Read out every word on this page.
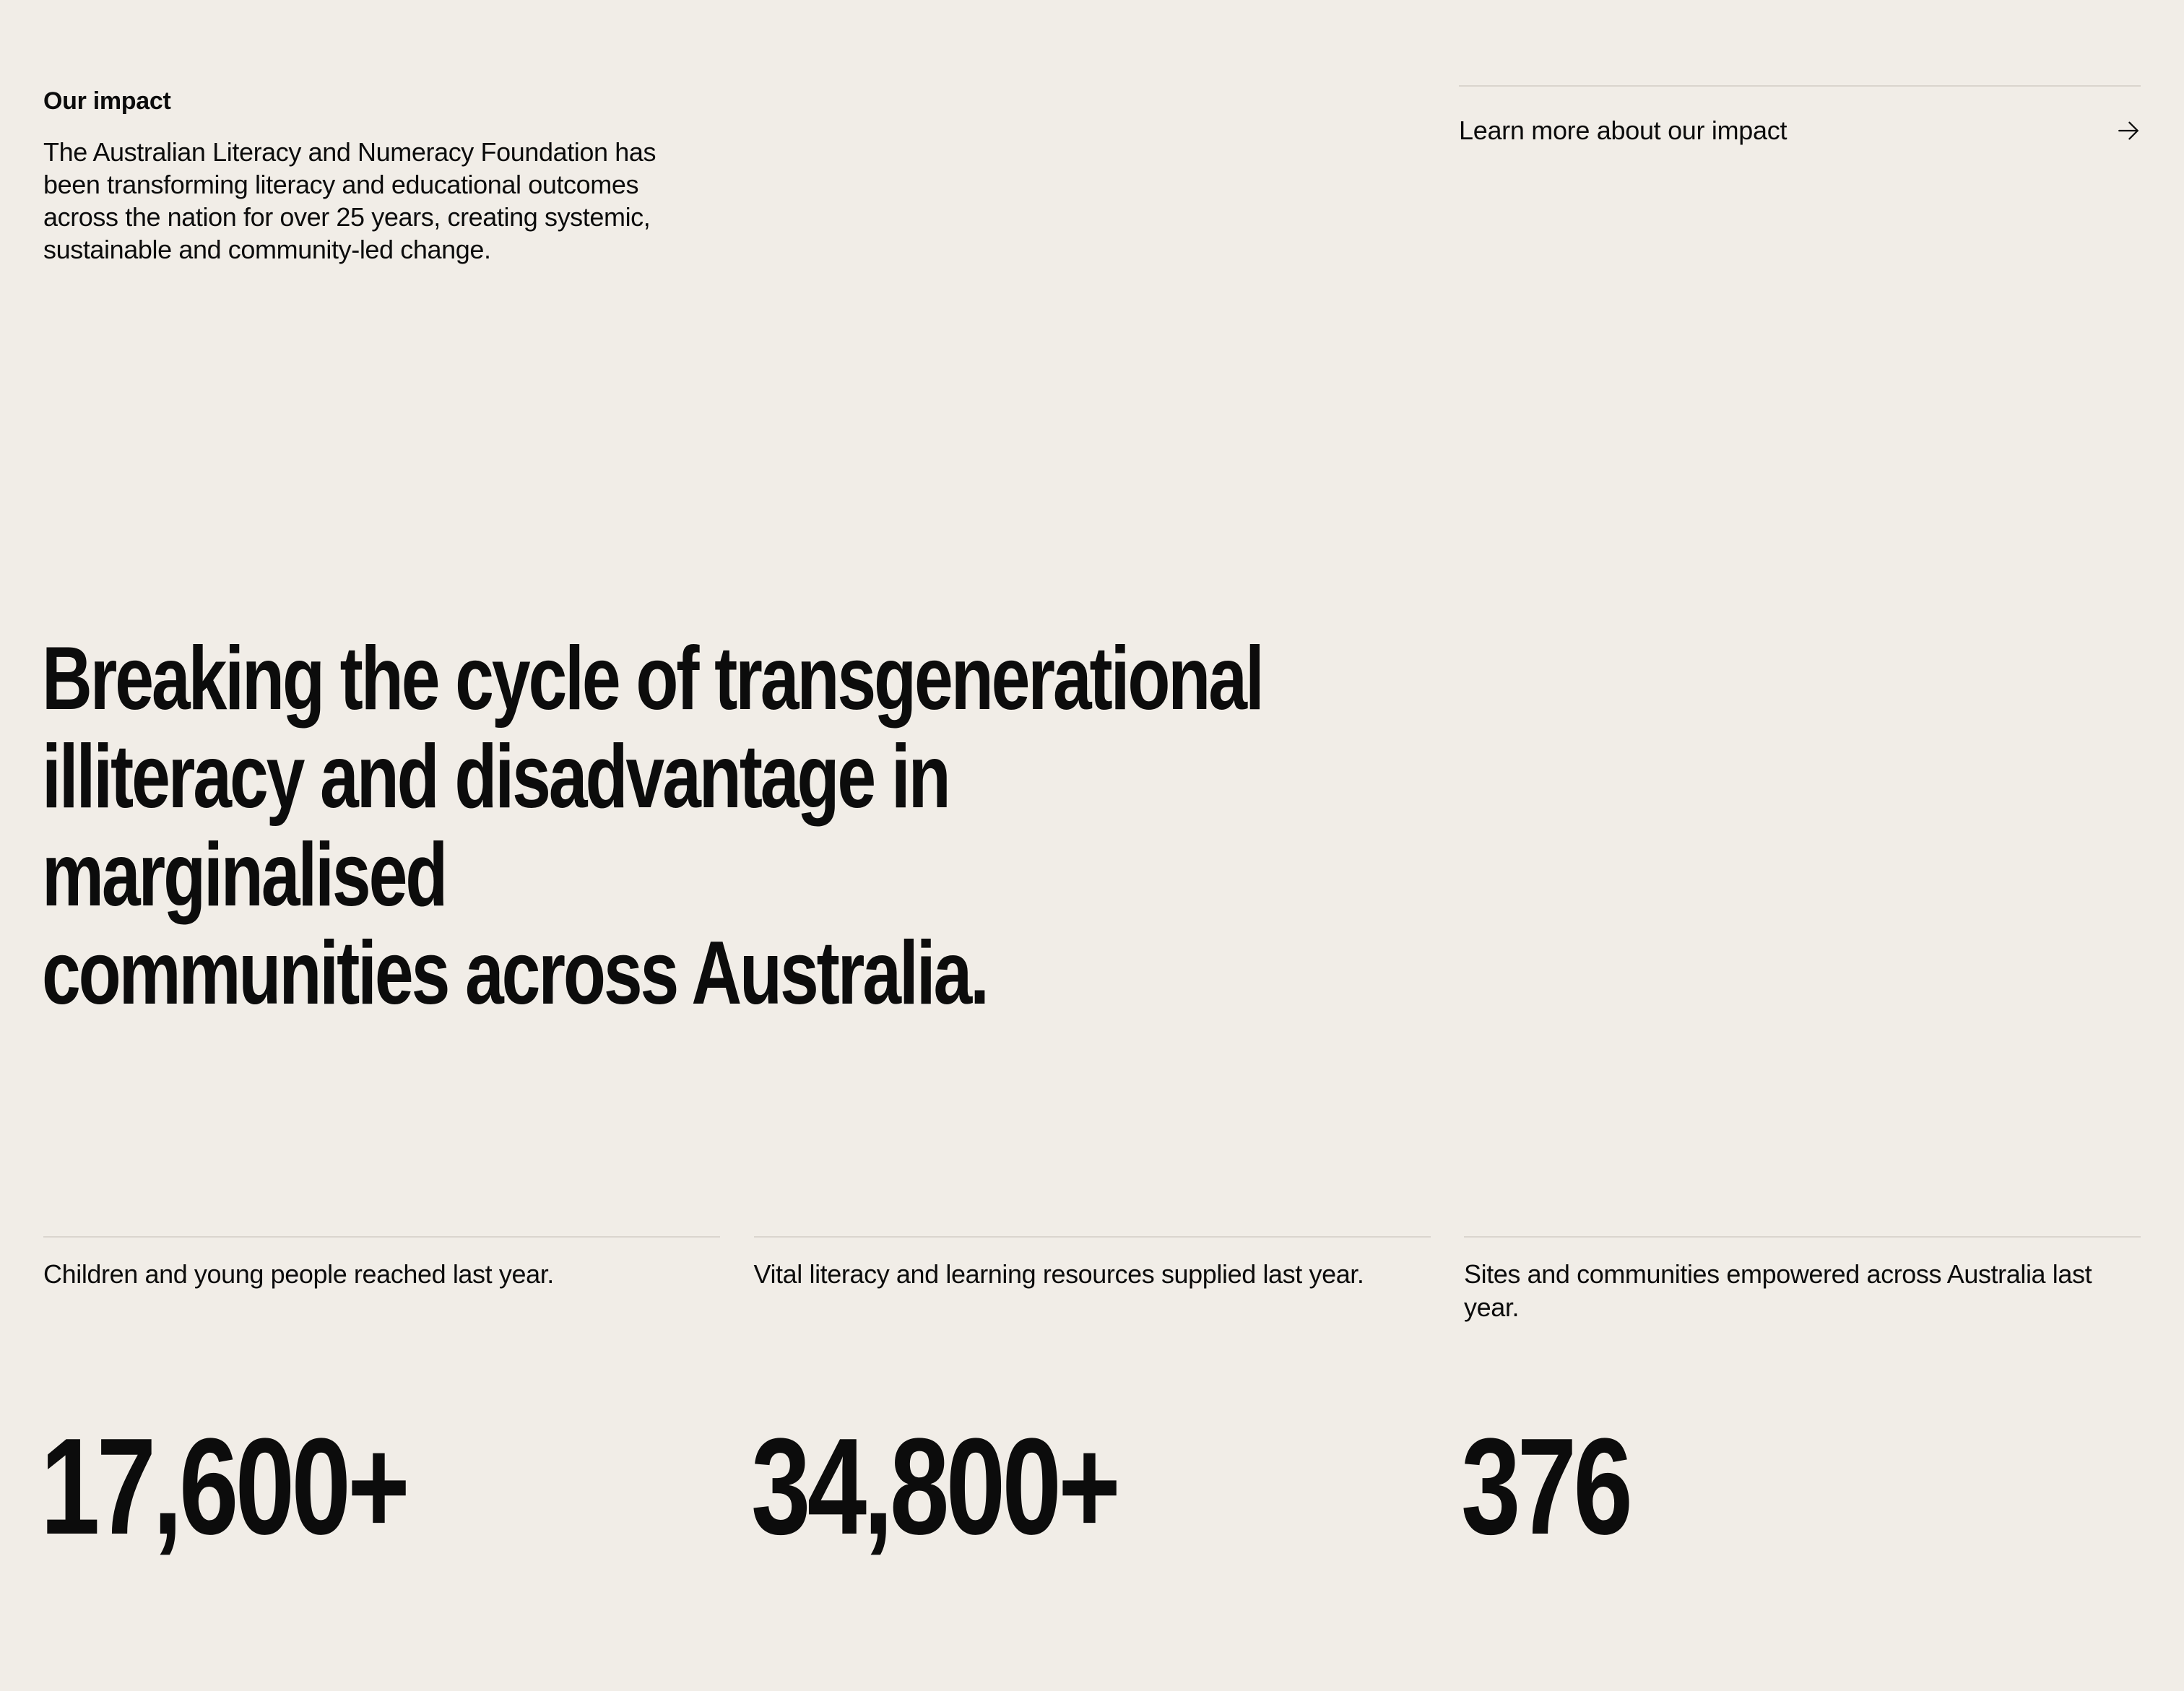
Our impact

The Australian Literacy and Numeracy Foundation has been transforming literacy and educational outcomes across the nation for over 25 years, creating systemic, sustainable and community-led change.

Learn more about our impact
Breaking the cycle of transgenerational
illiteracy and disadvantage in marginalised
communities across Australia.

Children and young people reached last year.

17,600+

Vital literacy and learning resources supplied last year.

34,800+

Sites and communities empowered across Australia last year.

376
